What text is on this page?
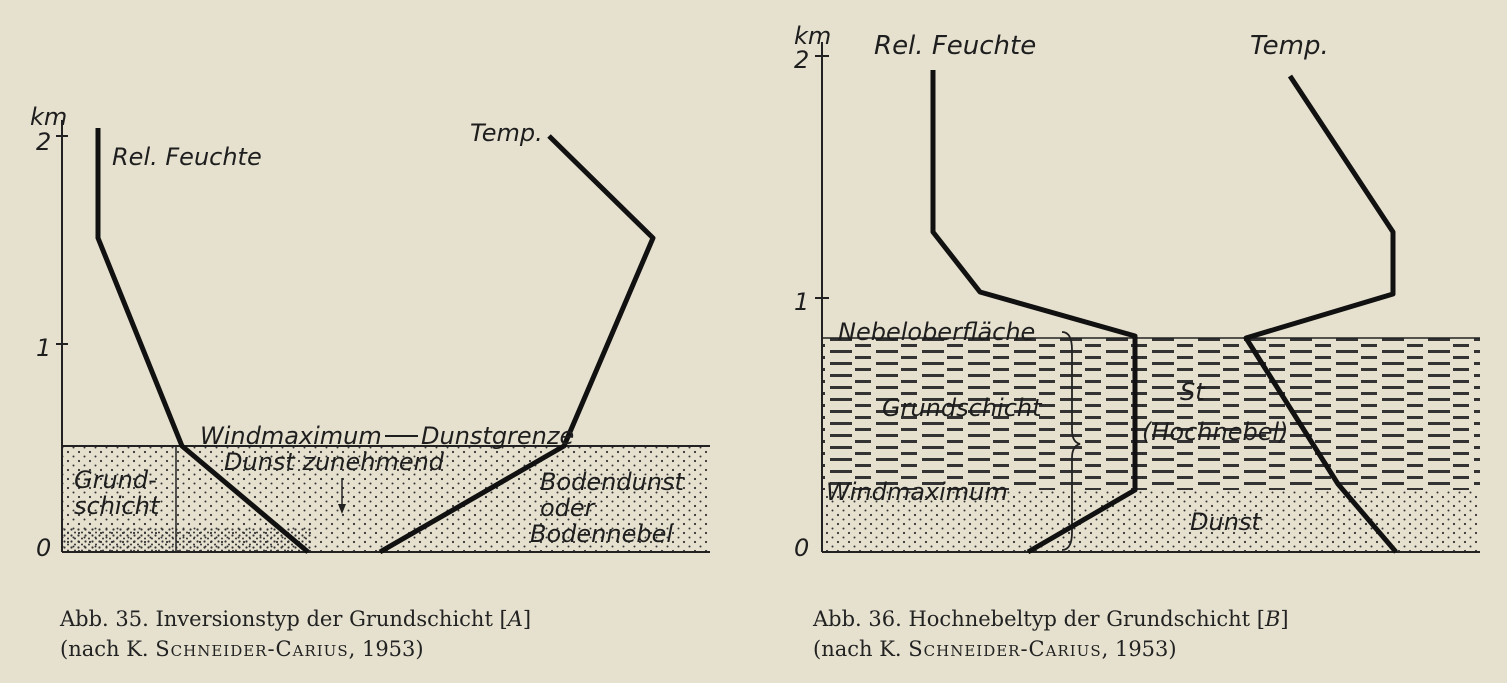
km
2
1
0
Rel. Feuchte
Temp.
Windmaximum Dunstgrenze
Dunst zunehmend
Grund-
schicht
Bodendunst
oder
Bodennebel
km
2
1
0
Rel. Feuchte	Temp.
Nebeloberfläche
Grundschicht
Windmaximum
St
(Hochnebel)
Dunst
Abb. 35. Inversionstyp der Grundschicht [A]
(nach K. Schneider-Carius, 1953)
Abb. 36. Hochnebeltyp der Grundschicht [B]
(nach K. Schneider-Carius, 1953)
